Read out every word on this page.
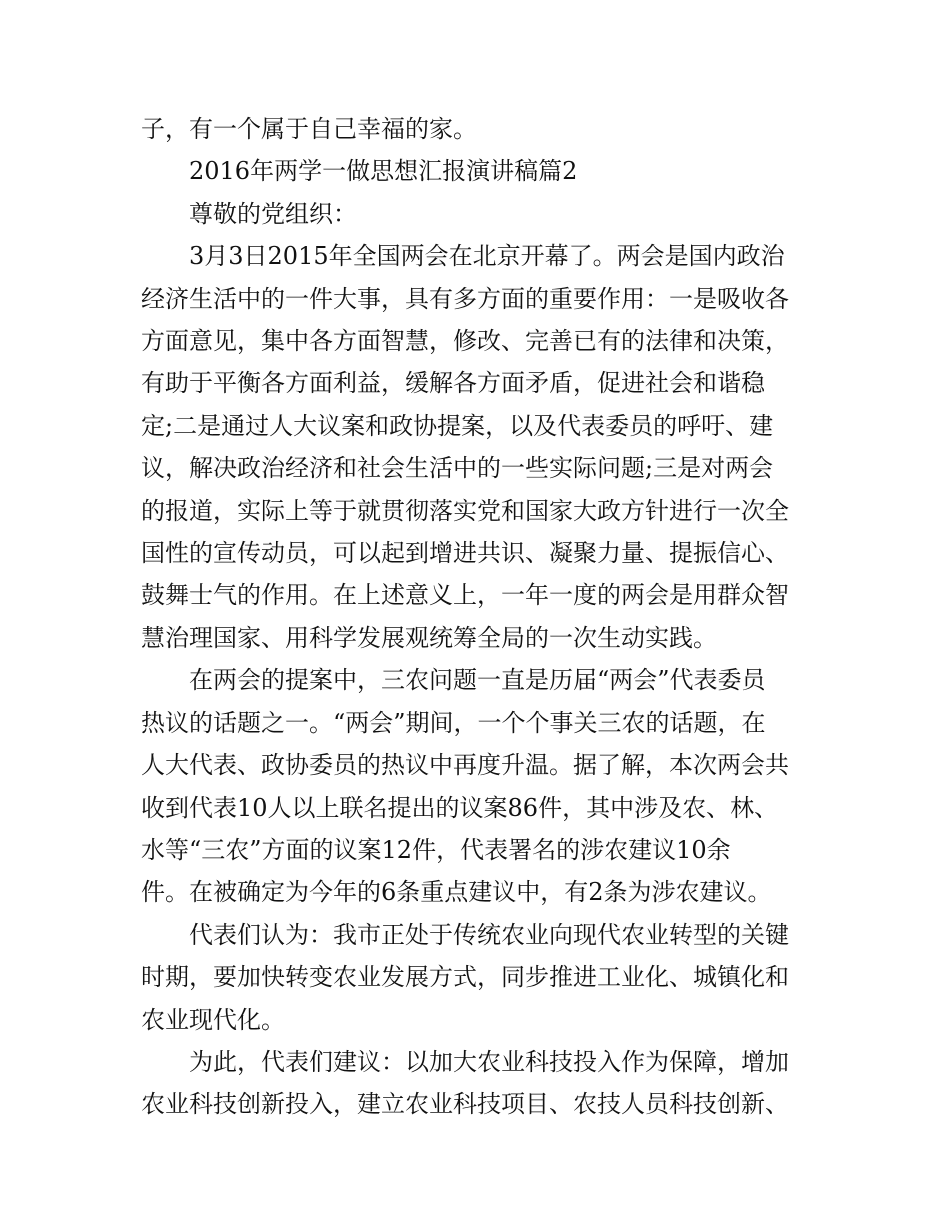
子，有一个属于自己幸福的家。

2016年两学一做思想汇报演讲稿篇2

尊敬的党组织：

3月3日2015年全国两会在北京开幕了。两会是国内政治

经济生活中的一件大事，具有多方面的重要作用：一是吸收各

方面意见，集中各方面智慧，修改、完善已有的法律和决策，

有助于平衡各方面利益，缓解各方面矛盾，促进社会和谐稳

定;二是通过人大议案和政协提案，以及代表委员的呼吁、建

议，解决政治经济和社会生活中的一些实际问题;三是对两会

的报道，实际上等于就贯彻落实党和国家大政方针进行一次全

国性的宣传动员，可以起到增进共识、凝聚力量、提振信心、

鼓舞士气的作用。在上述意义上，一年一度的两会是用群众智

慧治理国家、用科学发展观统筹全局的一次生动实践。

在两会的提案中，三农问题一直是历届“两会”代表委员

热议的话题之一。“两会”期间，一个个事关三农的话题，在

人大代表、政协委员的热议中再度升温。据了解，本次两会共

收到代表10人以上联名提出的议案86件，其中涉及农、林、

水等“三农”方面的议案12件，代表署名的涉农建议10余

件。在被确定为今年的6条重点建议中，有2条为涉农建议。

代表们认为：我市正处于传统农业向现代农业转型的关键

时期，要加快转变农业发展方式，同步推进工业化、城镇化和

农业现代化。

为此，代表们建议：以加大农业科技投入作为保障，增加

农业科技创新投入，建立农业科技项目、农技人员科技创新、
